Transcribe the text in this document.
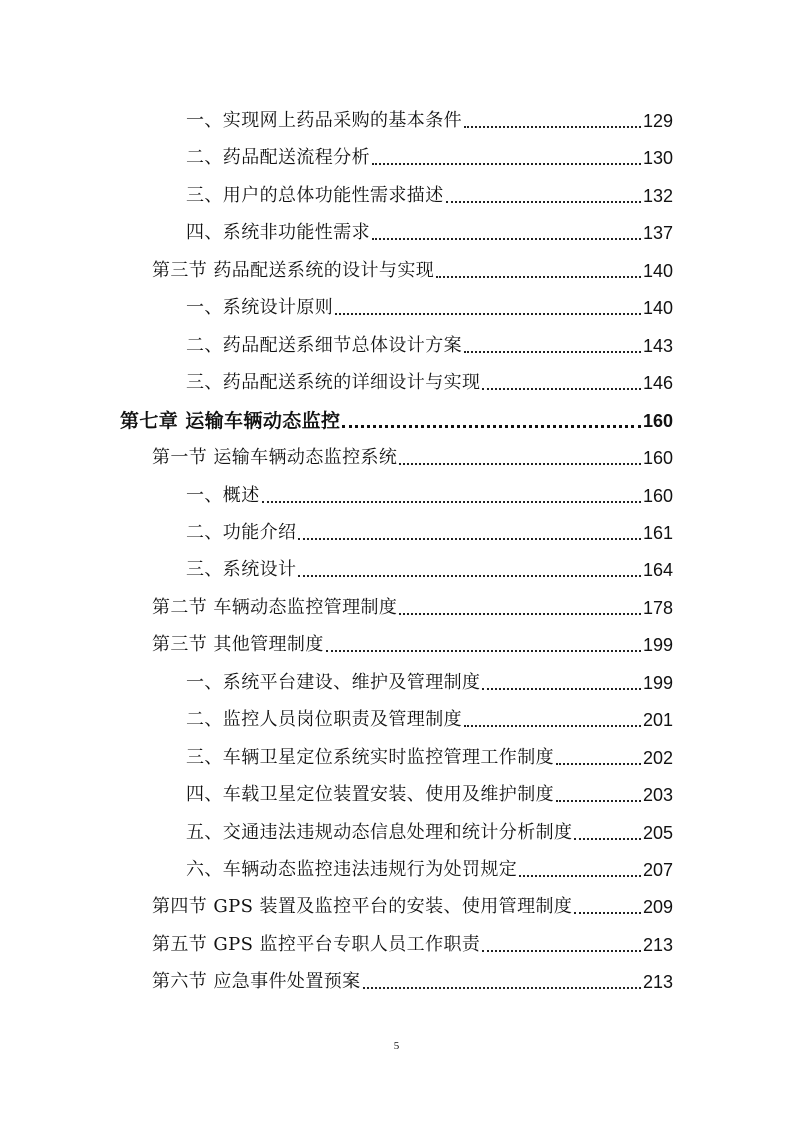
一、实现网上药品采购的基本条件	129
二、药品配送流程分析	130
三、用户的总体功能性需求描述	132
四、系统非功能性需求	137
第三节 药品配送系统的设计与实现	140
一、系统设计原则	140
二、药品配送系细节总体设计方案	143
三、药品配送系统的详细设计与实现	146
第七章 运输车辆动态监控	160
第一节 运输车辆动态监控系统	160
一、概述	160
二、功能介绍	161
三、系统设计	164
第二节 车辆动态监控管理制度	178
第三节 其他管理制度	199
一、系统平台建设、维护及管理制度	199
二、监控人员岗位职责及管理制度	201
三、车辆卫星定位系统实时监控管理工作制度	202
四、车载卫星定位装置安装、使用及维护制度	203
五、交通违法违规动态信息处理和统计分析制度	205
六、车辆动态监控违法违规行为处罚规定	207
第四节 GPS 装置及监控平台的安装、使用管理制度	209
第五节 GPS 监控平台专职人员工作职责	213
第六节 应急事件处置预案	213
5
